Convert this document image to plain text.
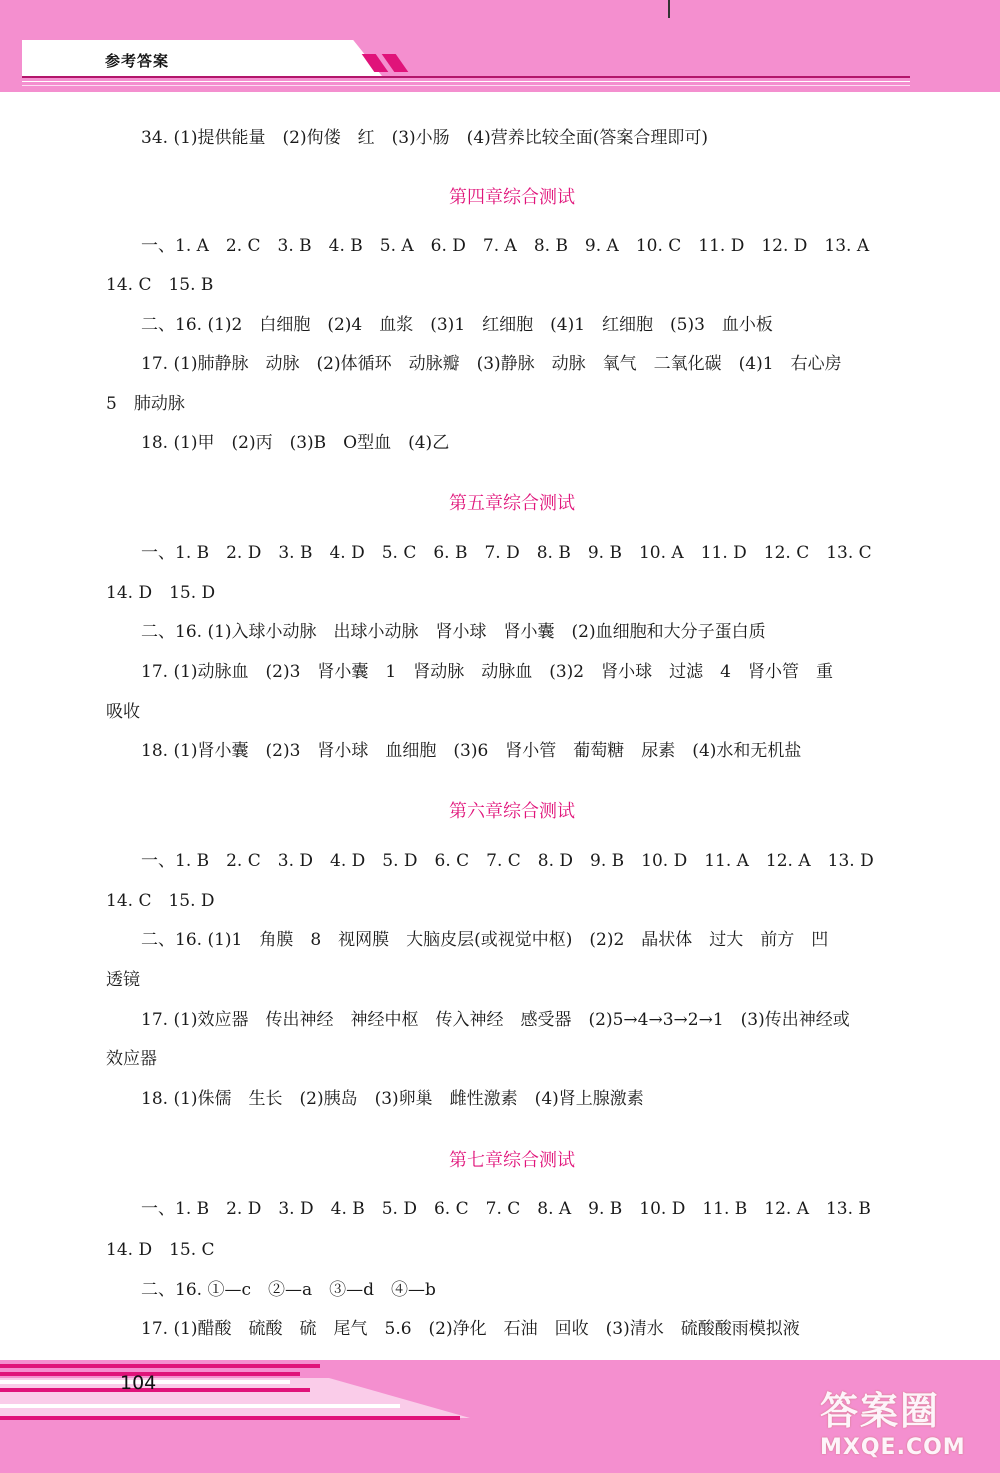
参考答案
34. (1)提供能量　(2)佝偻　红　(3)小肠　(4)营养比较全面(答案合理即可)
一、1. A　2. C　3. B　4. B　5. A　6. D　7. A　8. B　9. A　10. C　11. D　12. D　13. A
14. C　15. B
二、16. (1)2　白细胞　(2)4　血浆　(3)1　红细胞　(4)1　红细胞　(5)3　血小板
17. (1)肺静脉　动脉　(2)体循环　动脉瓣　(3)静脉　动脉　氧气　二氧化碳　(4)1　右心房
5　肺动脉
18. (1)甲　(2)丙　(3)B　O型血　(4)乙
一、1. B　2. D　3. B　4. D　5. C　6. B　7. D　8. B　9. B　10. A　11. D　12. C　13. C
14. D　15. D
二、16. (1)入球小动脉　出球小动脉　肾小球　肾小囊　(2)血细胞和大分子蛋白质
17. (1)动脉血　(2)3　肾小囊　1　肾动脉　动脉血　(3)2　肾小球　过滤　4　肾小管　重
吸收
18. (1)肾小囊　(2)3　肾小球　血细胞　(3)6　肾小管　葡萄糖　尿素　(4)水和无机盐
一、1. B　2. C　3. D　4. D　5. D　6. C　7. C　8. D　9. B　10. D　11. A　12. A　13. D
14. C　15. D
二、16. (1)1　角膜　8　视网膜　大脑皮层(或视觉中枢)　(2)2　晶状体　过大　前方　凹
透镜
17. (1)效应器　传出神经　神经中枢　传入神经　感受器　(2)5→4→3→2→1　(3)传出神经或
效应器
18. (1)侏儒　生长　(2)胰岛　(3)卵巢　雌性激素　(4)肾上腺激素
一、1. B　2. D　3. D　4. B　5. D　6. C　7. C　8. A　9. B　10. D　11. B　12. A　13. B
14. D　15. C
二、16. ①—c　②—a　③—d　④—b
17. (1)醋酸　硫酸　硫　尾气　5.6　(2)净化　石油　回收　(3)清水　硫酸酸雨模拟液
第四章综合测试
第五章综合测试
第六章综合测试
第七章综合测试
104
答案圈
MXQE.COM
